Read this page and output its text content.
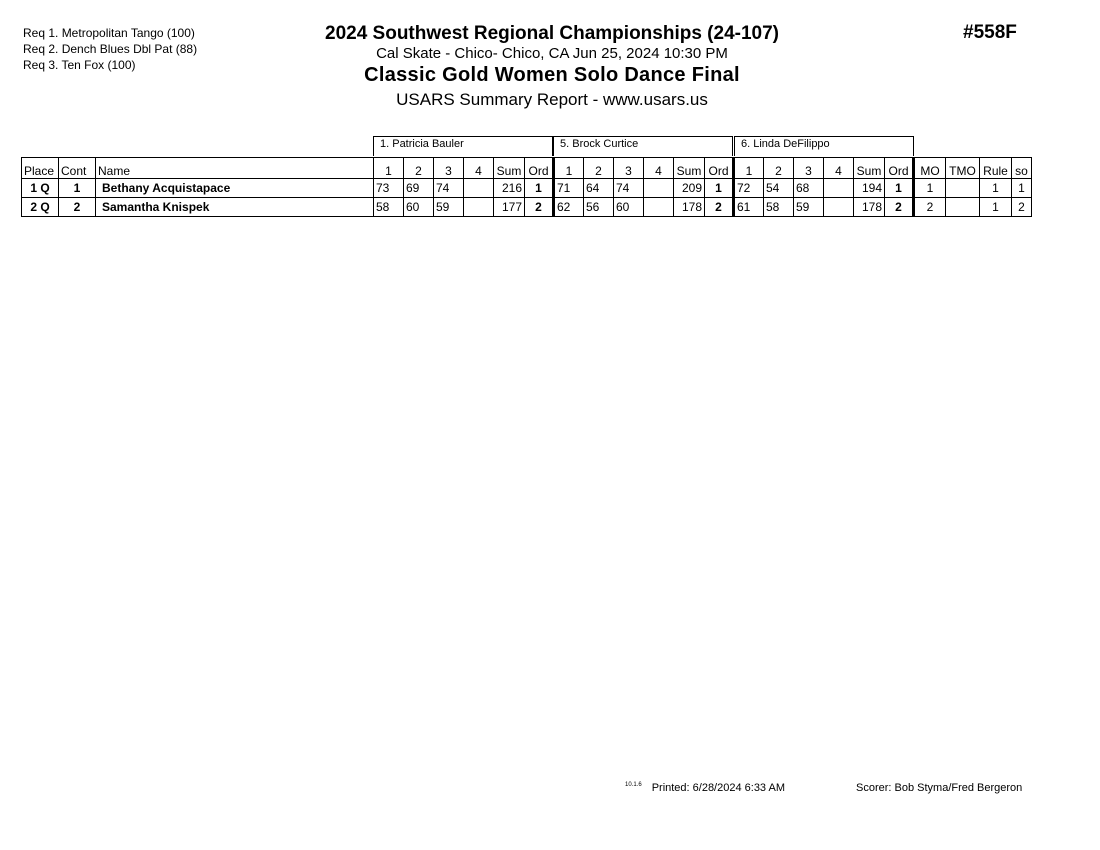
Req 1. Metropolitan Tango (100)
Req 2. Dench Blues Dbl Pat (88)
Req 3. Ten Fox (100)
#558F
2024 Southwest Regional Championships (24-107)
Cal Skate - Chico- Chico, CA Jun 25, 2024 10:30 PM
Classic Gold Women Solo Dance Final
USARS Summary Report - www.usars.us
1. Patricia Bauler	5. Brock Curtice	6. Linda DeFilippo
Place	Cont	Name	1	2	3	4	Sum	Ord	1	2	3	4	Sum	Ord	1	2	3	4	Sum	Ord	MO	TMO	Rule	so
1 Q	1	Bethany Acquistapace	73	69	74		216	1	71	64	74		209	1	72	54	68		194	1	1		1	1
2 Q	2	Samantha Knispek	58	60	59		177	2	62	56	60		178	2	61	58	59		178	2	2		1	2
$^{10.1.6}$ Printed: 6/28/2024 6:33 AM	Scorer: Bob Styma/Fred Bergeron
